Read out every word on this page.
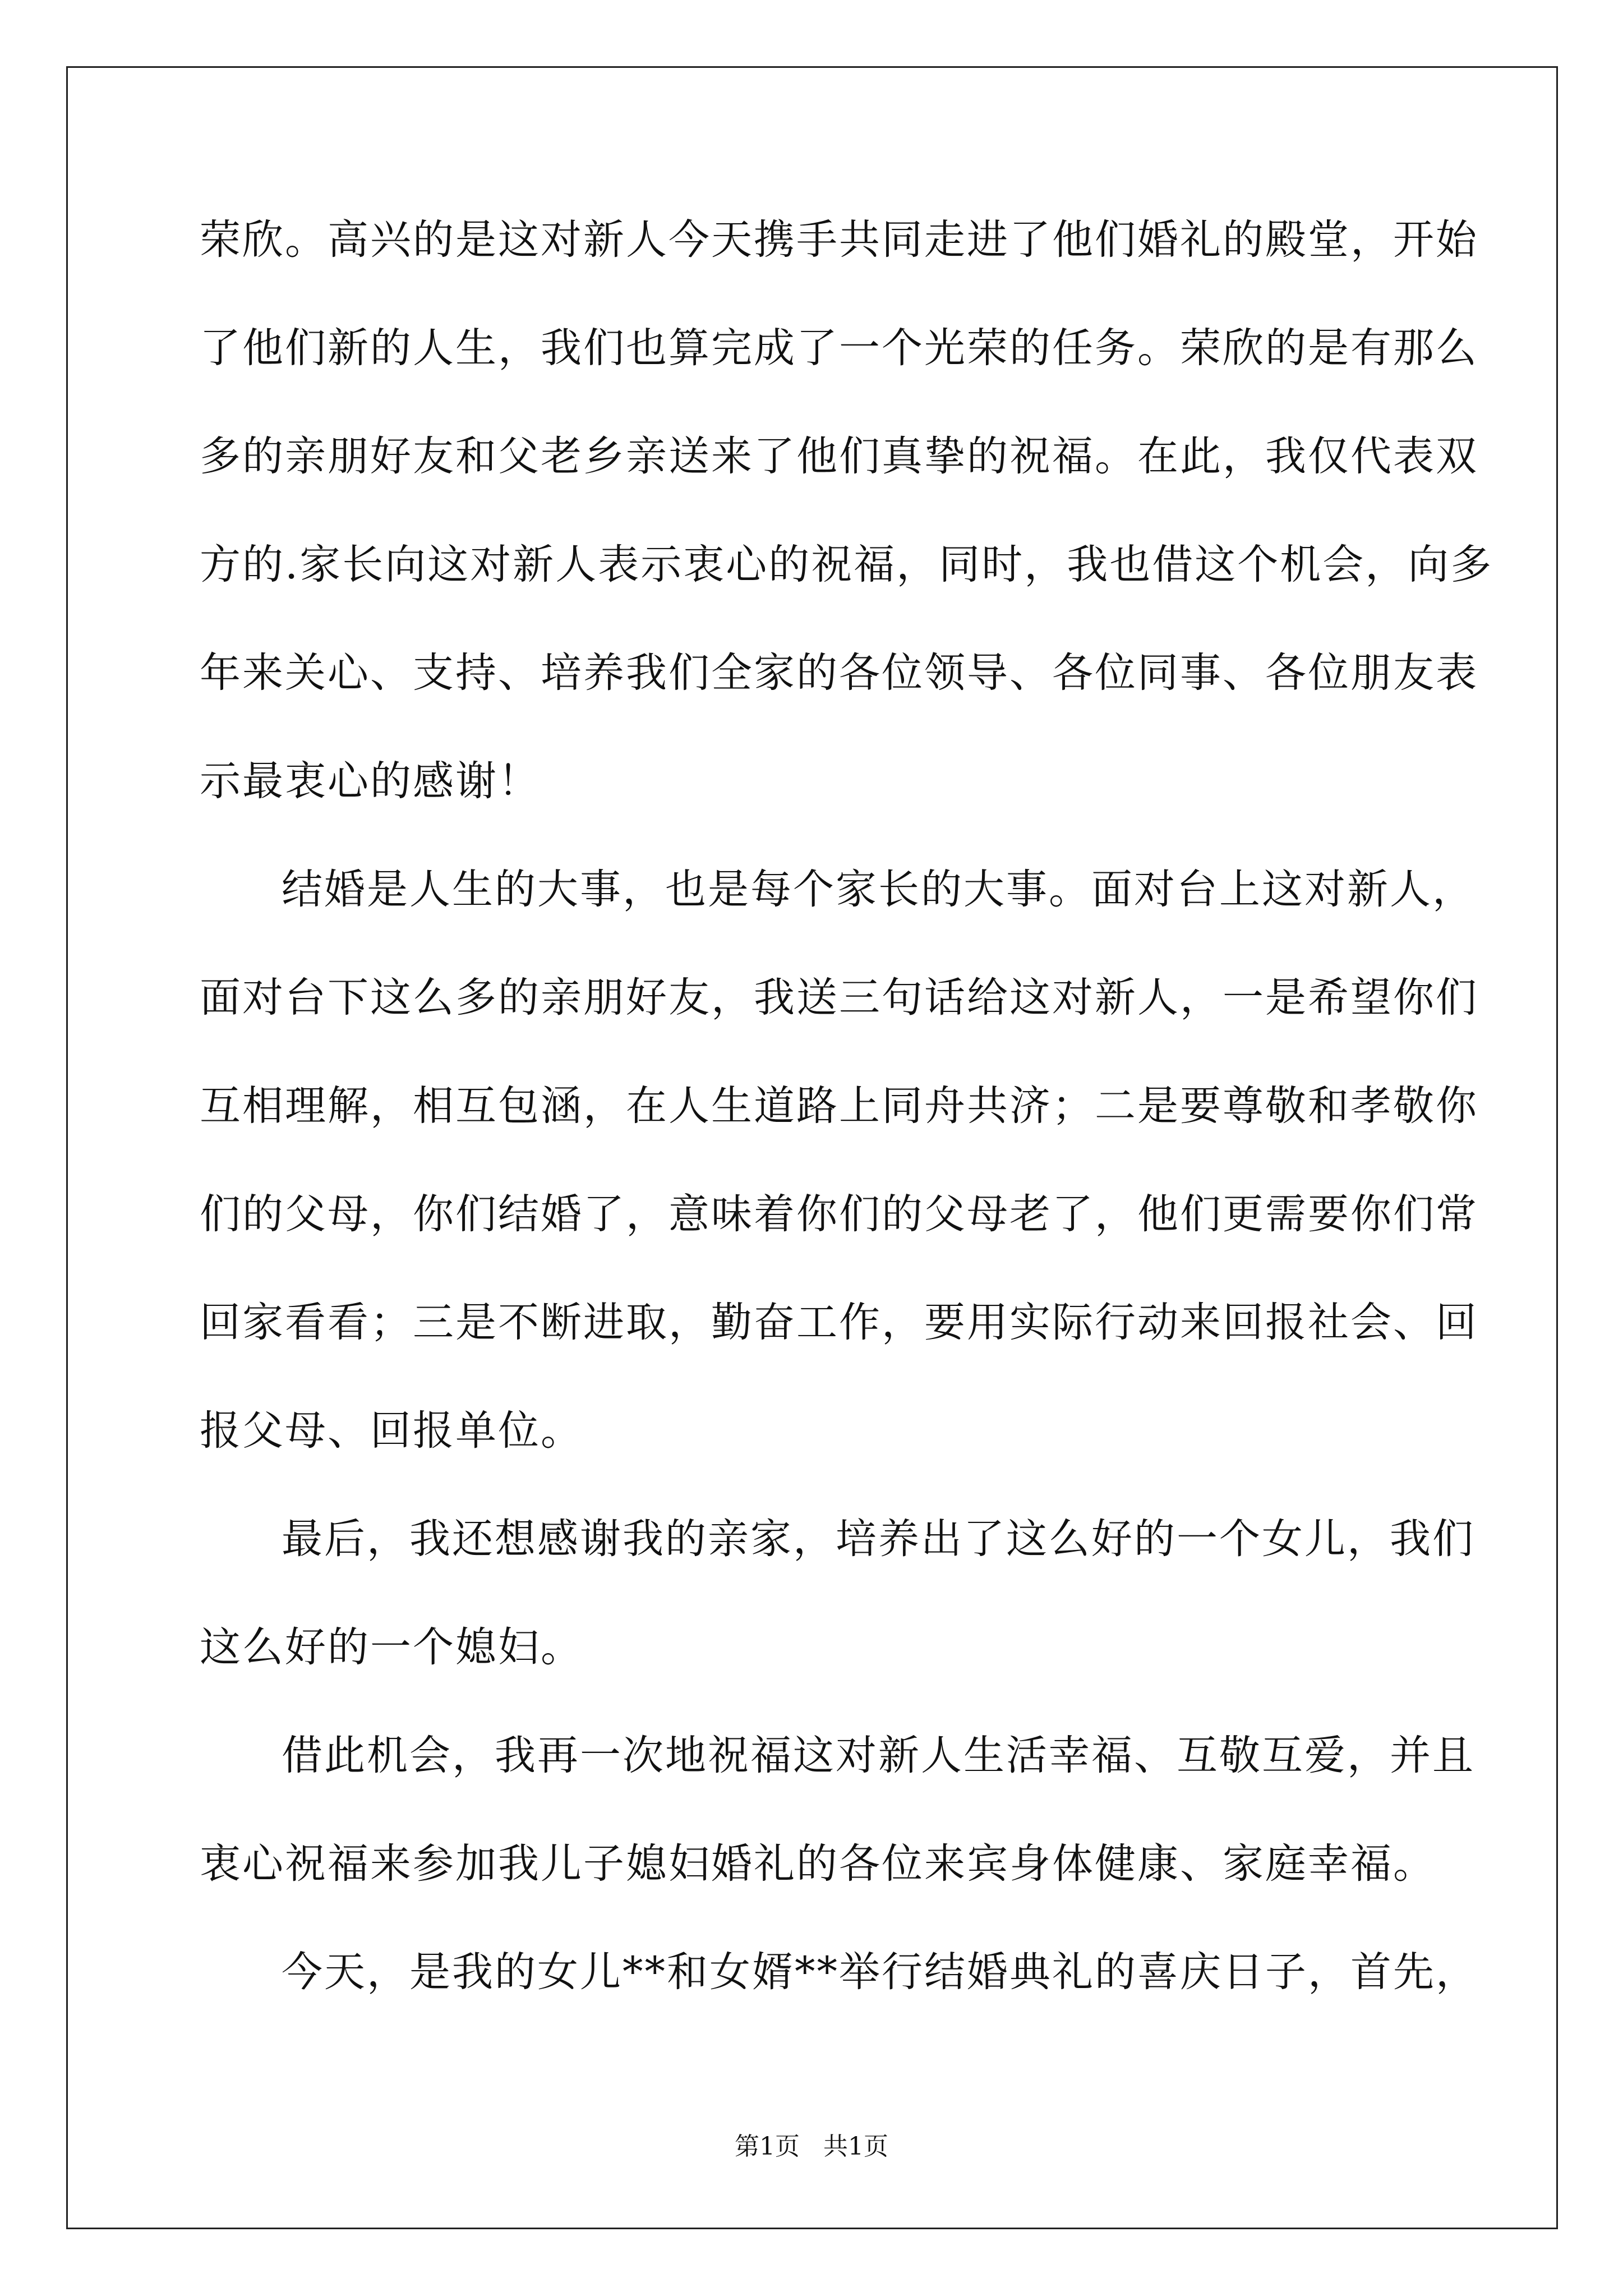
荣欣。高兴的是这对新人今天携手共同走进了他们婚礼的殿堂，开始
了他们新的人生，我们也算完成了一个光荣的任务。荣欣的是有那么
多的亲朋好友和父老乡亲送来了他们真挚的祝福。在此，我仅代表双
方的.家长向这对新人表示衷心的祝福，同时，我也借这个机会，向多
年来关心、支持、培养我们全家的各位领导、各位同事、各位朋友表
示最衷心的感谢！
结婚是人生的大事，也是每个家长的大事。面对台上这对新人，
面对台下这么多的亲朋好友，我送三句话给这对新人，一是希望你们
互相理解，相互包涵，在人生道路上同舟共济；二是要尊敬和孝敬你
们的父母，你们结婚了，意味着你们的父母老了，他们更需要你们常
回家看看；三是不断进取，勤奋工作，要用实际行动来回报社会、回
报父母、回报单位。
最后，我还想感谢我的亲家，培养出了这么好的一个女儿，我们
这么好的一个媳妇。
借此机会，我再一次地祝福这对新人生活幸福、互敬互爱，并且
衷心祝福来参加我儿子媳妇婚礼的各位来宾身体健康、家庭幸福。
今天，是我的女儿**和女婿**举行结婚典礼的喜庆日子，首先，
第1页   共1页
